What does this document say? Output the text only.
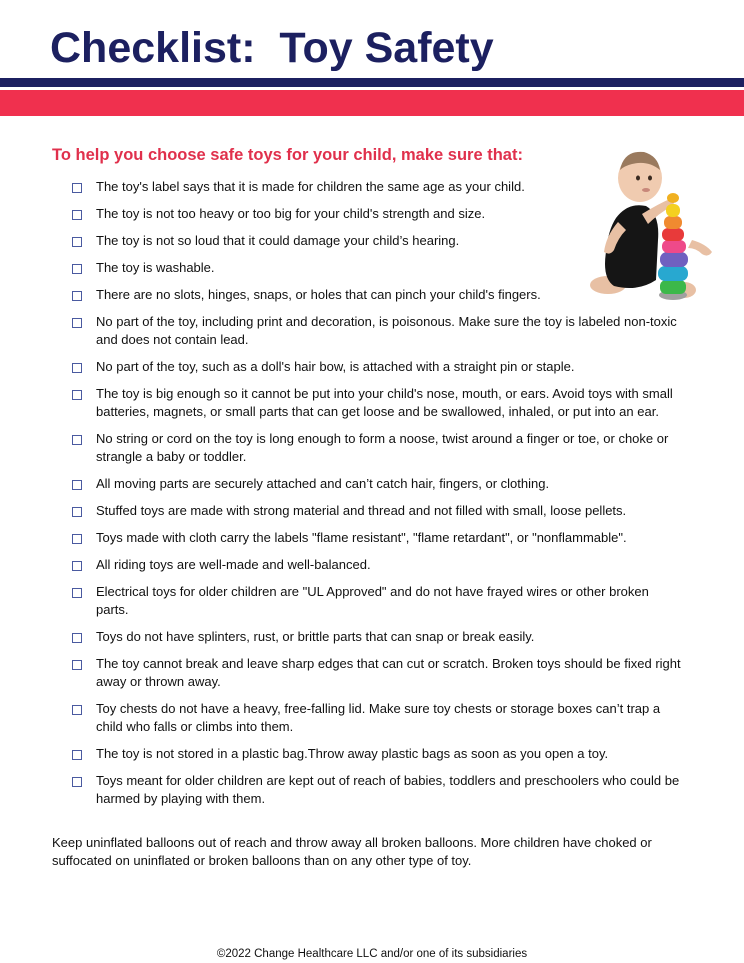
Checklist:  Toy Safety

To help you choose safe toys for your child, make sure that:

The toy's label says that it is made for children the same age as your child.
The toy is not too heavy or too big for your child's strength and size.
The toy is not so loud that it could damage your child’s hearing.
The toy is washable.
There are no slots, hinges, snaps, or holes that can pinch your child's fingers.
No part of the toy, including print and decoration, is poisonous. Make sure the toy is labeled non-toxic and does not contain lead.
No part of the toy, such as a doll's hair bow, is attached with a straight pin or staple.
The toy is big enough so it cannot be put into your child's nose, mouth, or ears. Avoid toys with small batteries, magnets, or small parts that can get loose and be swallowed, inhaled, or put into an ear.
No string or cord on the toy is long enough to form a noose, twist around a finger or toe, or choke or strangle a baby or toddler.
All moving parts are securely attached and can’t catch hair, fingers, or clothing.
Stuffed toys are made with strong material and thread and not filled with small, loose pellets.
Toys made with cloth carry the labels "flame resistant", "flame retardant", or "nonflammable".
All riding toys are well-made and well-balanced.
Electrical toys for older children are "UL Approved" and do not have frayed wires or other broken parts.
Toys do not have splinters, rust, or brittle parts that can snap or break easily.
The toy cannot break and leave sharp edges that can cut or scratch. Broken toys should be fixed right away or thrown away.
Toy chests do not have a heavy, free-falling lid. Make sure toy chests or storage boxes can’t trap a child who falls or climbs into them.
The toy is not stored in a plastic bag.Throw away plastic bags as soon as you open a toy.
Toys meant for older children are kept out of reach of babies, toddlers and preschoolers who could be harmed by playing with them.

Keep uninflated balloons out of reach and throw away all broken balloons. More children have choked or suffocated on uninflated or broken balloons than on any other type of toy.

©2022 Change Healthcare LLC and/or one of its subsidiaries
